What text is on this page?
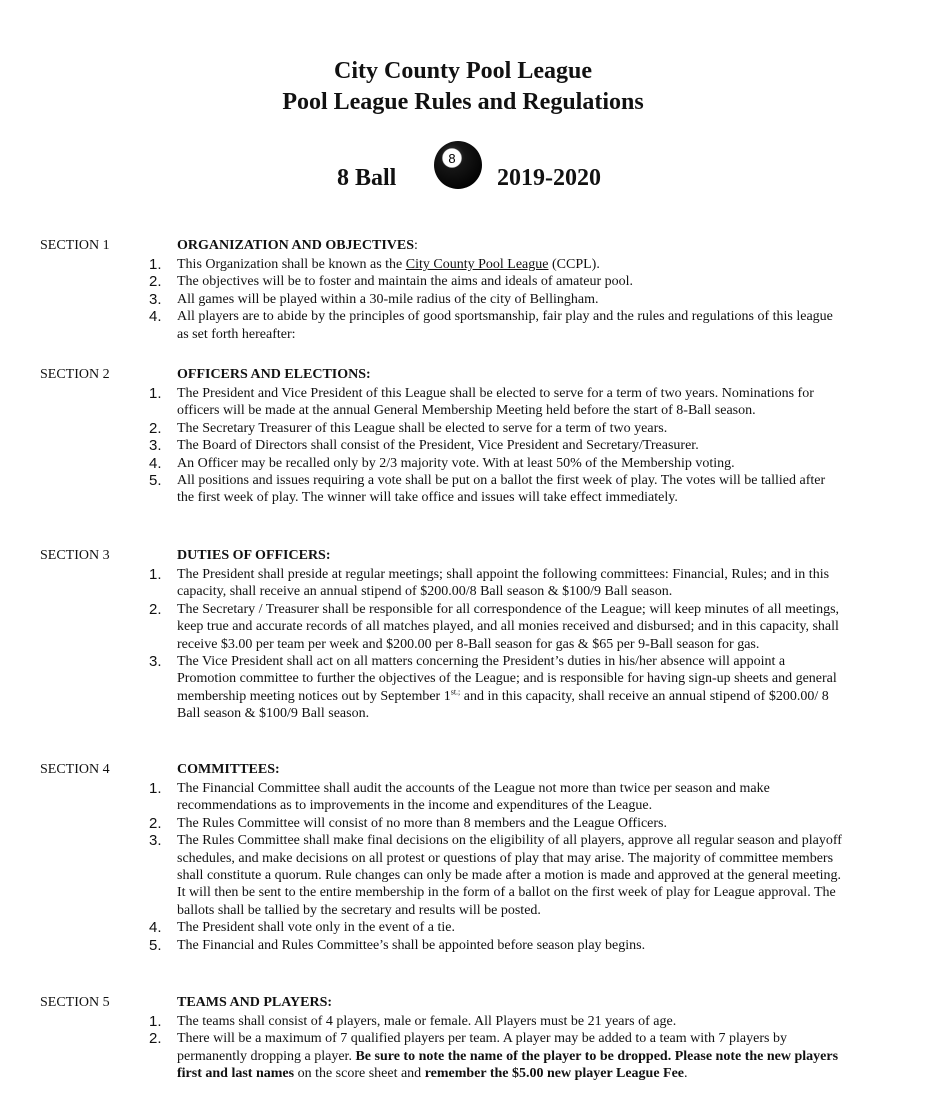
City County Pool League
Pool League Rules and Regulations
8 Ball
8
2019-2020
SECTION 1	ORGANIZATION AND OBJECTIVES:
1.	This Organization shall be known as the City County Pool League (CCPL).
2.	The objectives will be to foster and maintain the aims and ideals of amateur pool.
3.	All games will be played within a 30-mile radius of the city of Bellingham.
4.	All players are to abide by the principles of good sportsmanship, fair play and the rules and regulations of this league as set forth hereafter:
SECTION 2	OFFICERS AND ELECTIONS:
1.	The President and Vice President of this League shall be elected to serve for a term of two years. Nominations for officers will be made at the annual General Membership Meeting held before the start of 8-Ball season.
2.	The Secretary Treasurer of this League shall be elected to serve for a term of two years.
3.	The Board of Directors shall consist of the President, Vice President and Secretary/Treasurer.
4.	An Officer may be recalled only by 2/3 majority vote. With at least 50% of the Membership voting.
5.	All positions and issues requiring a vote shall be put on a ballot the first week of play. The votes will be tallied after the first week of play. The winner will take office and issues will take effect immediately.
SECTION 3	DUTIES OF OFFICERS:
1.	The President shall preside at regular meetings; shall appoint the following committees: Financial, Rules; and in this capacity, shall receive an annual stipend of $200.00/8 Ball season & $100/9 Ball season.
2.	The Secretary / Treasurer shall be responsible for all correspondence of the League; will keep minutes of all meetings, keep true and accurate records of all matches played, and all monies received and disbursed; and in this capacity, shall receive $3.00 per team per week and $200.00 per 8-Ball season for gas & $65 per 9-Ball season for gas.
3.	The Vice President shall act on all matters concerning the President’s duties in his/her absence will appoint a Promotion committee to further the objectives of the League; and is responsible for having sign-up sheets and general membership meeting notices out by September $1^{st.;}$ and in this capacity, shall receive an annual stipend of $200.00/ 8 Ball season & $100/9 Ball season.
SECTION 4	COMMITTEES:
1.	The Financial Committee shall audit the accounts of the League not more than twice per season and make recommendations as to improvements in the income and expenditures of the League.
2.	The Rules Committee will consist of no more than 8 members and the League Officers.
3.	The Rules Committee shall make final decisions on the eligibility of all players, approve all regular season and playoff schedules, and make decisions on all protest or questions of play that may arise. The majority of committee members shall constitute a quorum. Rule changes can only be made after a motion is made and approved at the general meeting. It will then be sent to the entire membership in the form of a ballot on the first week of play for League approval. The ballots shall be tallied by the secretary and results will be posted.
4.	The President shall vote only in the event of a tie.
5.	The Financial and Rules Committee’s shall be appointed before season play begins.
SECTION 5	TEAMS AND PLAYERS:
1.	The teams shall consist of 4 players, male or female. All Players must be 21 years of age.
2.	There will be a maximum of 7 qualified players per team. A player may be added to a team with 7 players by permanently dropping a player. Be sure to note the name of the player to be dropped. Please note the new players first and last names on the score sheet and remember the $5.00 new player League Fee.
